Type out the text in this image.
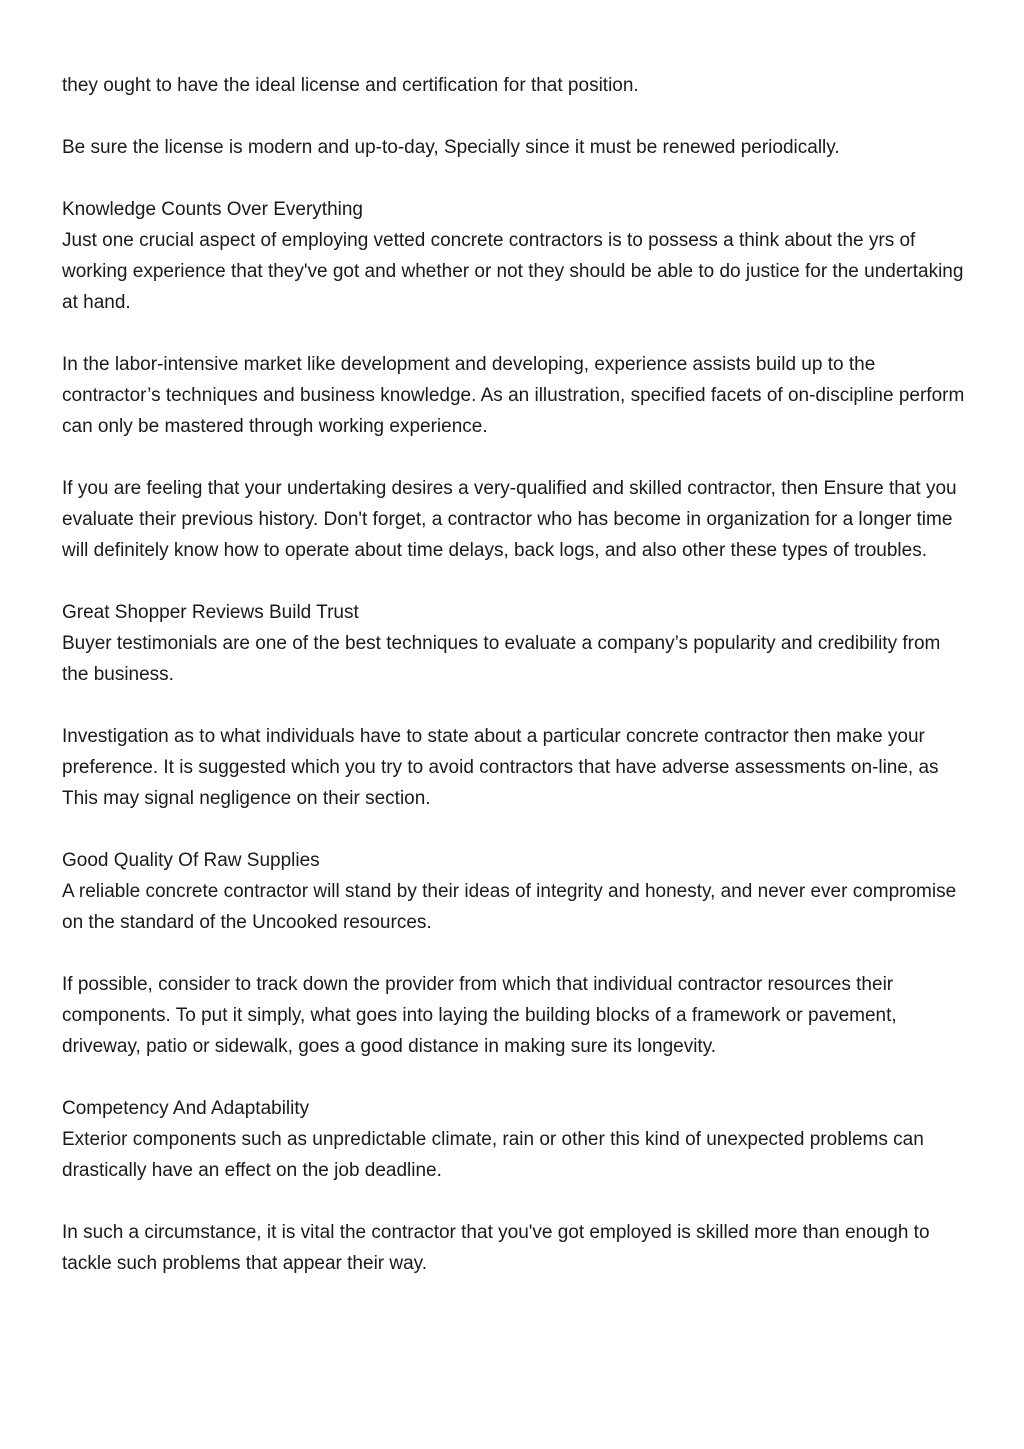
they ought to have the ideal license and certification for that position.

Be sure the license is modern and up-to-day, Specially since it must be renewed periodically.

Knowledge Counts Over Everything
Just one crucial aspect of employing vetted concrete contractors is to possess a think about the yrs of working experience that they've got and whether or not they should be able to do justice for the undertaking at hand.

In the labor-intensive market like development and developing, experience assists build up to the contractor’s techniques and business knowledge. As an illustration, specified facets of on-discipline perform can only be mastered through working experience.

If you are feeling that your undertaking desires a very-qualified and skilled contractor, then Ensure that you evaluate their previous history. Don't forget, a contractor who has become in organization for a longer time will definitely know how to operate about time delays, back logs, and also other these types of troubles.

Great Shopper Reviews Build Trust
Buyer testimonials are one of the best techniques to evaluate a company’s popularity and credibility from the business.

Investigation as to what individuals have to state about a particular concrete contractor then make your preference. It is suggested which you try to avoid contractors that have adverse assessments on-line, as This may signal negligence on their section.

Good Quality Of Raw Supplies
A reliable concrete contractor will stand by their ideas of integrity and honesty, and never ever compromise on the standard of the Uncooked resources.

If possible, consider to track down the provider from which that individual contractor resources their components. To put it simply, what goes into laying the building blocks of a framework or pavement, driveway, patio or sidewalk, goes a good distance in making sure its longevity.

Competency And Adaptability
Exterior components such as unpredictable climate, rain or other this kind of unexpected problems can drastically have an effect on the job deadline.

In such a circumstance, it is vital the contractor that you've got employed is skilled more than enough to tackle such problems that appear their way.
